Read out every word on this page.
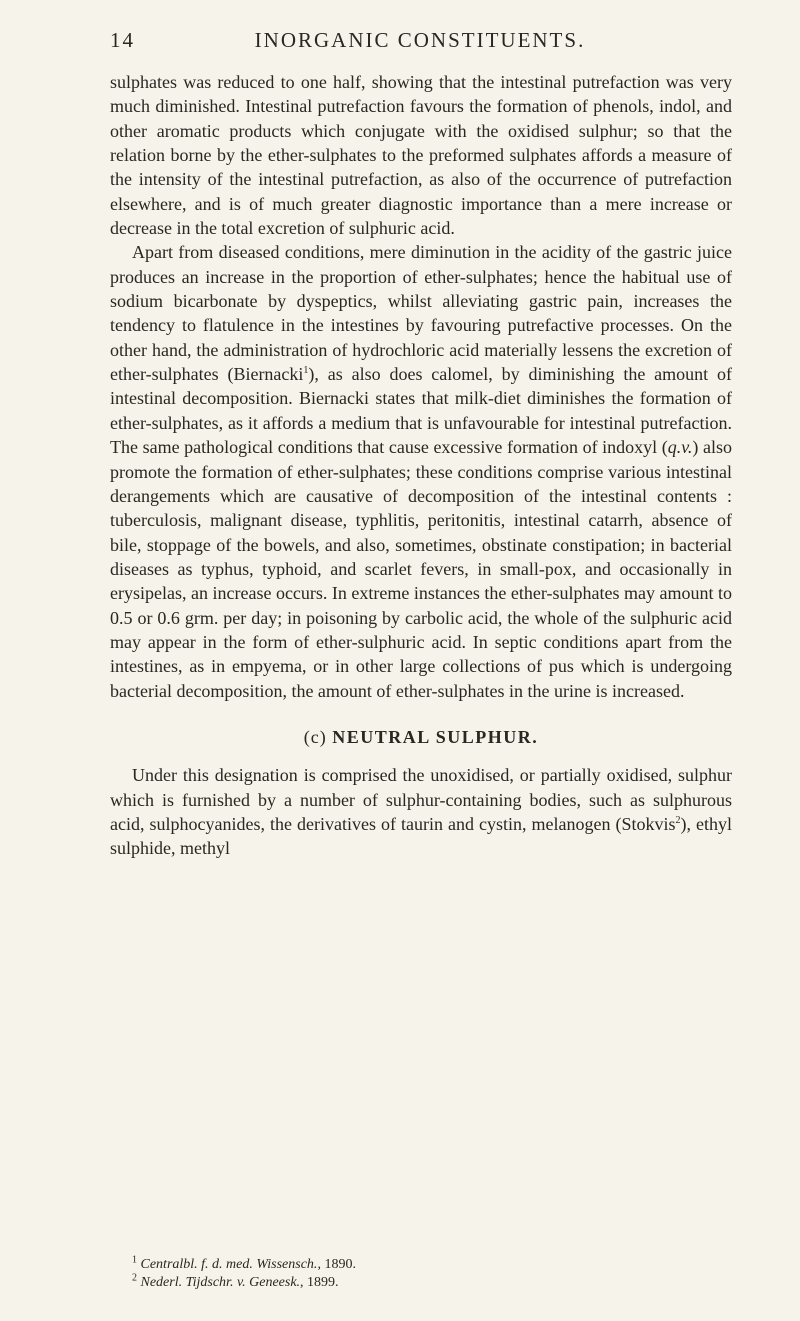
14	INORGANIC CONSTITUENTS.

sulphates was reduced to one half, showing that the intestinal putrefaction was very much diminished. Intestinal putrefaction favours the formation of phenols, indol, and other aromatic products which conjugate with the oxidised sulphur; so that the relation borne by the ether-sulphates to the preformed sulphates affords a measure of the intensity of the intestinal putrefaction, as also of the occurrence of putrefaction elsewhere, and is of much greater diagnostic importance than a mere increase or decrease in the total excretion of sulphuric acid.

Apart from diseased conditions, mere diminution in the acidity of the gastric juice produces an increase in the proportion of ether-sulphates; hence the habitual use of sodium bicarbonate by dyspeptics, whilst alleviating gastric pain, increases the tendency to flatulence in the intestines by favouring putrefactive processes. On the other hand, the administration of hydrochloric acid materially lessens the excretion of ether-sulphates (Biernacki$^1$), as also does calomel, by diminishing the amount of intestinal decomposition. Biernacki states that milk-diet diminishes the formation of ether-sulphates, as it affords a medium that is unfavourable for intestinal putrefaction. The same pathological conditions that cause excessive formation of indoxyl (q.v.) also promote the formation of ether-sulphates; these conditions comprise various intestinal derangements which are causative of decomposition of the intestinal contents : tuberculosis, malignant disease, typhlitis, peritonitis, intestinal catarrh, absence of bile, stoppage of the bowels, and also, sometimes, obstinate constipation; in bacterial diseases as typhus, typhoid, and scarlet fevers, in small-pox, and occasionally in erysipelas, an increase occurs. In extreme instances the ether-sulphates may amount to 0.5 or 0.6 grm. per day; in poisoning by carbolic acid, the whole of the sulphuric acid may appear in the form of ether-sulphuric acid. In septic conditions apart from the intestines, as in empyema, or in other large collections of pus which is undergoing bacterial decomposition, the amount of ether-sulphates in the urine is increased.

(c) NEUTRAL SULPHUR.

Under this designation is comprised the unoxidised, or partially oxidised, sulphur which is furnished by a number of sulphur-containing bodies, such as sulphurous acid, sulphocyanides, the derivatives of taurin and cystin, melanogen (Stokvis$^2$), ethyl sulphide, methyl

$^1$ Centralbl. f. d. med. Wissensch., 1890.
$^2$ Nederl. Tijdschr. v. Geneesk., 1899.
